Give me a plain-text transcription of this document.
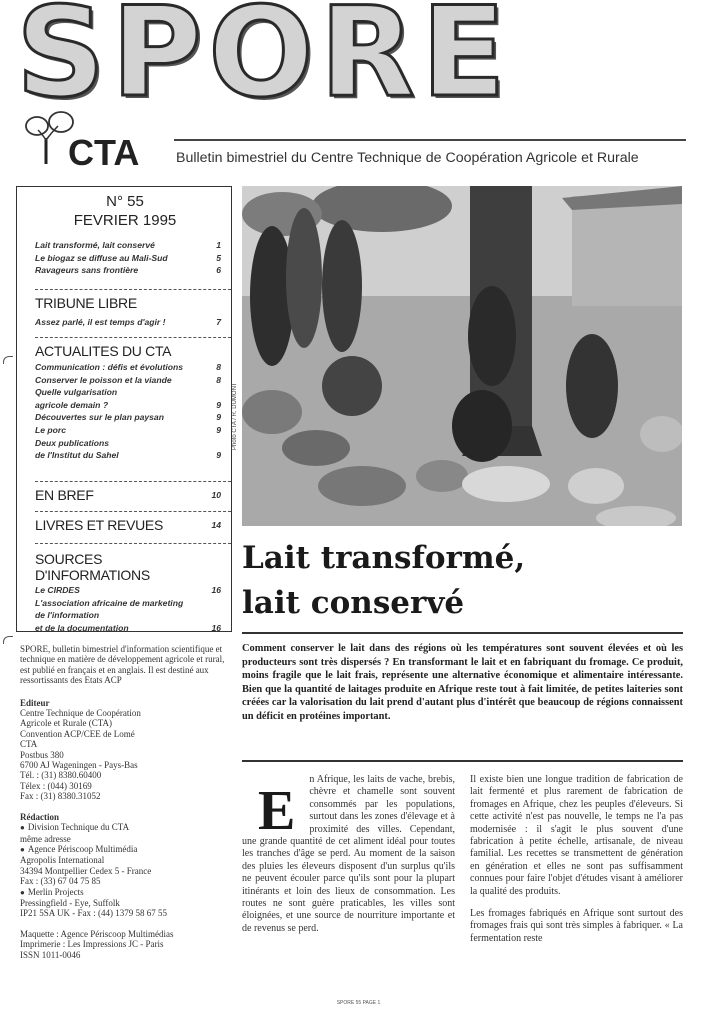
SPORE
CTA	Bulletin bimestriel du Centre Technique de Coopération Agricole et Rurale
N° 55
FEVRIER 1995
Lait transformé, lait conservé	1
Le biogaz se diffuse au Mali-Sud	5
Ravageurs sans frontière	6
TRIBUNE LIBRE
Assez parlé, il est temps d'agir !	7
ACTUALITES DU CTA
Communication : défis et évolutions	8
Conserver le poisson et la viande	8
Quelle vulgarisation
agricole demain ?	9
Découvertes sur le plan paysan	9
Le porc	9
Deux publications
de l'Institut du Sahel	9
EN BREF	10
LIVRES ET REVUES	14
SOURCES D'INFORMATIONS
Le CIRDES	16
L'association africaine de marketing
de l'information
et de la documentation	16
SPORE, bulletin bimestriel d'information scientifique et technique en matière de développement agricole et rural, est publié en français et en anglais. Il est destiné aux ressortissants des Etats ACP
Editeur
Centre Technique de Coopération
Agricole et Rurale (CTA)
Convention ACP/CEE de Lomé
CTA
Postbus 380
6700 AJ Wageningen - Pays-Bas
Tél. : (31) 8380.60400
Télex : (044) 30169
Fax : (31) 8380.31052
Rédaction
● Division Technique du CTA
même adresse
● Agence Périscoop Multimédia
Agropolis International
34394 Montpellier Cedex 5 - France
Fax : (33) 67 04 75 85
● Merlin Projects
Pressingfield - Eye, Suffolk
IP21 5SA UK - Fax : (44) 1379 58 67 55
Maquette : Agence Périscoop Multimédias
Imprimerie : Les Impressions JC - Paris
ISSN 1011-0046
Photo CTA / R. DUMONT
Lait transformé,
lait conservé
Comment conserver le lait dans des régions où les températures sont souvent élevées et où les producteurs sont très dispersés ? En transformant le lait et en fabriquant du fromage. Ce produit, moins fragile que le lait frais, représente une alternative économique et alimentaire intéressante. Bien que la quantité de laitages produite en Afrique reste tout à fait limitée, de petites laiteries sont créées car la valorisation du lait prend d'autant plus d'intérêt que beaucoup de régions connaissent un déficit en protéines important.
E
n Afrique, les laits de vache, brebis, chèvre et chamelle sont souvent consommés par les populations, surtout dans les zones d'élevage et à proximité des villes. Cependant, une grande quantité de cet aliment idéal pour toutes les tranches d'âge se perd. Au moment de la saison des pluies les éleveurs disposent d'un surplus qu'ils ne peuvent écouler parce qu'ils sont pour la plupart itinérants et loin des lieux de consommation. Les routes ne sont guère praticables, les villes sont éloignées, et une source de nourriture importante et de revenus se perd.

Il existe bien une longue tradition de fabrication de lait fermenté et plus rarement de fabrication de fromages en Afrique, chez les peuples d'éleveurs. Si cette activité n'est pas nouvelle, le temps ne l'a pas modernisée : il s'agit le plus souvent d'une fabrication à petite échelle, artisanale, de niveau familial. Les recettes se transmettent de génération en génération et elles ne sont pas suffisamment connues pour faire l'objet d'études visant à améliorer la qualité des produits.

Les fromages fabriqués en Afrique sont surtout des fromages frais qui sont très simples à fabriquer. « La fermentation reste

SPORE 55 PAGE 1
